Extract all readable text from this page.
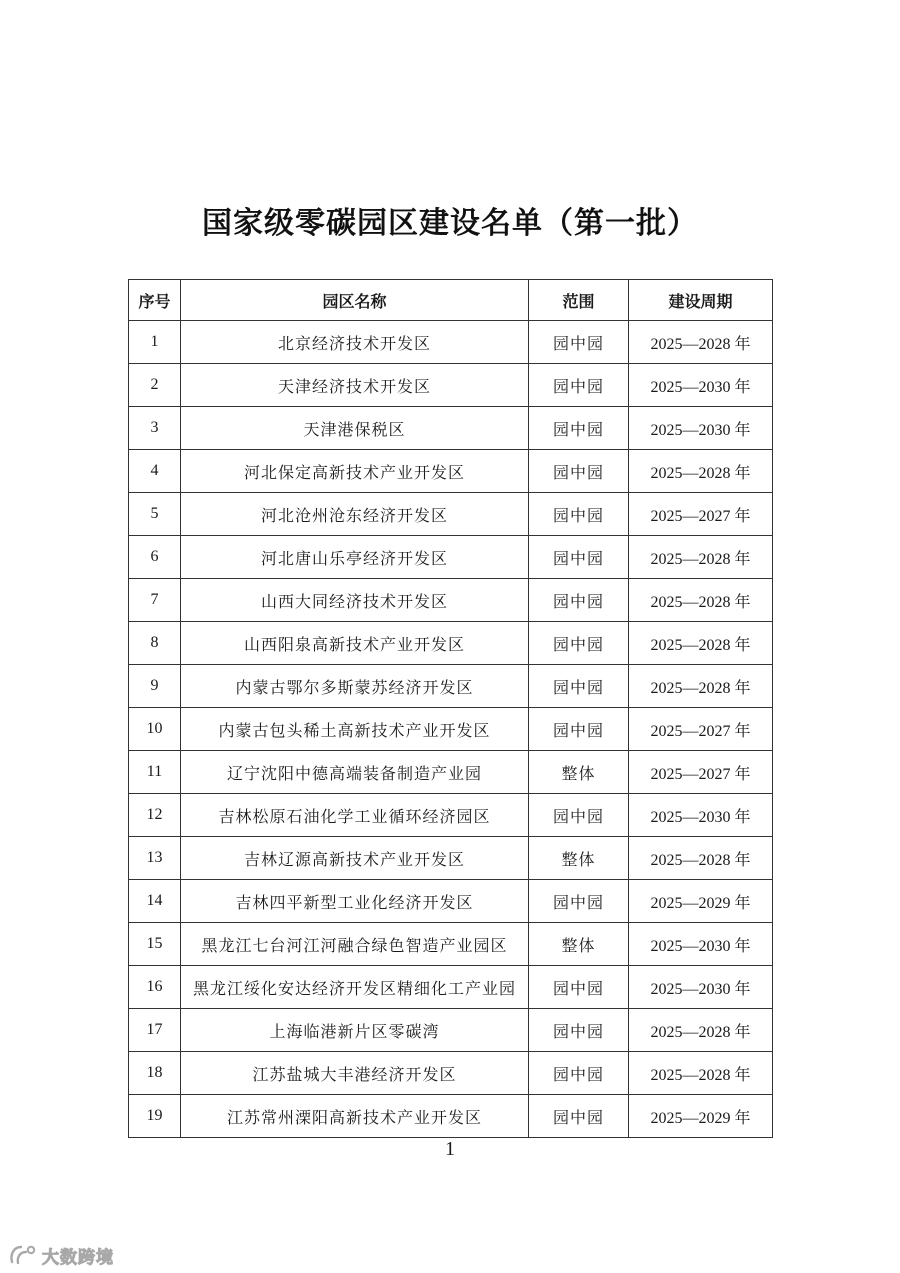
国家级零碳园区建设名单（第一批）
序号	园区名称	范围	建设周期
1	北京经济技术开发区	园中园	2025—2028 年
2	天津经济技术开发区	园中园	2025—2030 年
3	天津港保税区	园中园	2025—2030 年
4	河北保定高新技术产业开发区	园中园	2025—2028 年
5	河北沧州沧东经济开发区	园中园	2025—2027 年
6	河北唐山乐亭经济开发区	园中园	2025—2028 年
7	山西大同经济技术开发区	园中园	2025—2028 年
8	山西阳泉高新技术产业开发区	园中园	2025—2028 年
9	内蒙古鄂尔多斯蒙苏经济开发区	园中园	2025—2028 年
10	内蒙古包头稀土高新技术产业开发区	园中园	2025—2027 年
11	辽宁沈阳中德高端装备制造产业园	整体	2025—2027 年
12	吉林松原石油化学工业循环经济园区	园中园	2025—2030 年
13	吉林辽源高新技术产业开发区	整体	2025—2028 年
14	吉林四平新型工业化经济开发区	园中园	2025—2029 年
15	黑龙江七台河江河融合绿色智造产业园区	整体	2025—2030 年
16	黑龙江绥化安达经济开发区精细化工产业园	园中园	2025—2030 年
17	上海临港新片区零碳湾	园中园	2025—2028 年
18	江苏盐城大丰港经济开发区	园中园	2025—2028 年
19	江苏常州溧阳高新技术产业开发区	园中园	2025—2029 年
1
大数跨境
